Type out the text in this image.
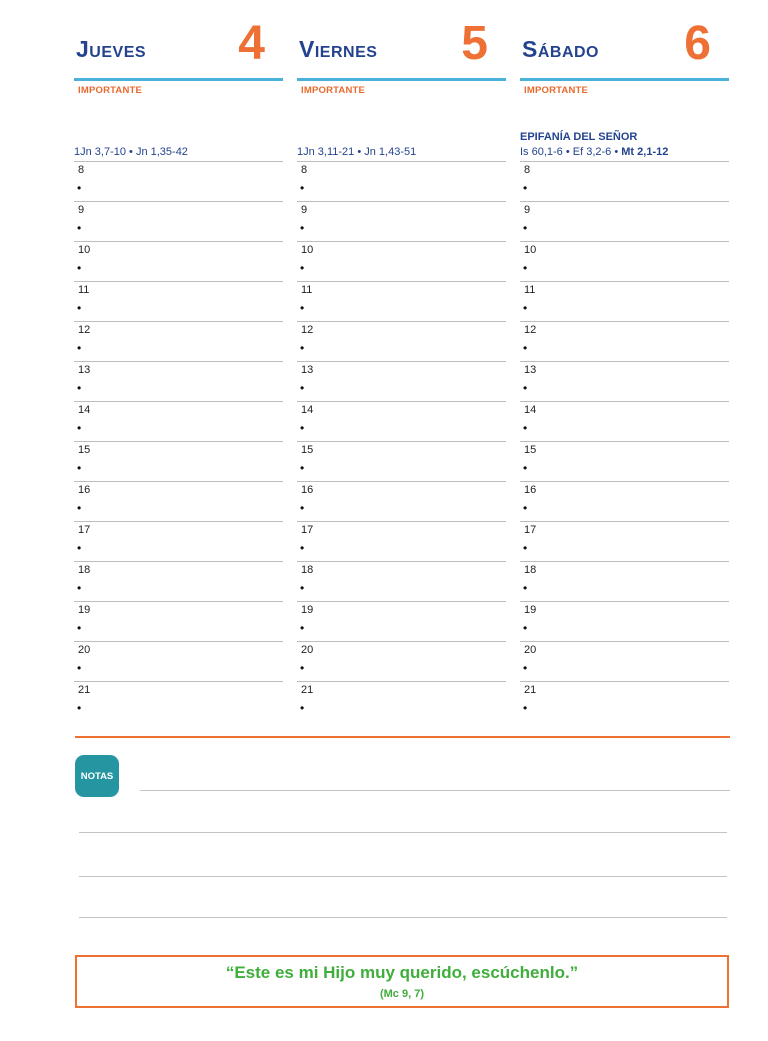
Jueves 4
IMPORTANTE
1Jn 3,7-10 • Jn 1,35-42
8
•
9
•
10
•
11
•
12
•
13
•
14
•
15
•
16
•
17
•
18
•
19
•
20
•
21
•
Viernes 5
IMPORTANTE
1Jn 3,11-21 • Jn 1,43-51
8
•
9
•
10
•
11
•
12
•
13
•
14
•
15
•
16
•
17
•
18
•
19
•
20
•
21
•
Sábado 6
IMPORTANTE
EPIFANÍA DEL SEÑOR
Is 60,1-6 • Ef 3,2-6 • Mt 2,1-12
8
•
9
•
10
•
11
•
12
•
13
•
14
•
15
•
16
•
17
•
18
•
19
•
20
•
21
•
NOTAS
“Este es mi Hijo muy querido, escúchenlo.”
(Mc 9, 7)
